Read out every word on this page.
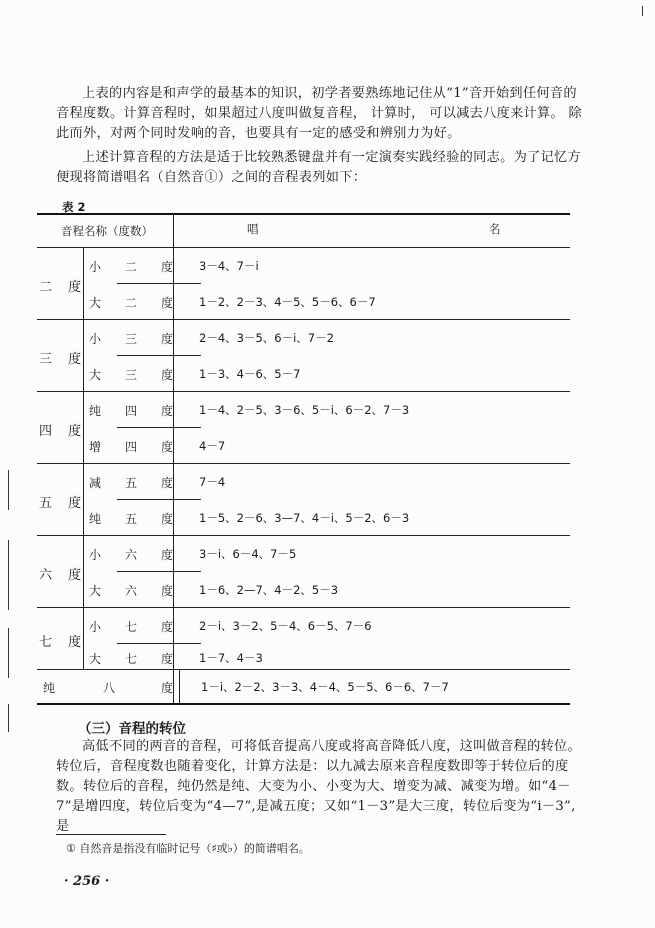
上表的内容是和声学的最基本的知识，初学者要熟练地记住从“1”音开始到任何音的音程度数。计算音程时，如果超过八度叫做复音程， 计算时， 可以减去八度来计算。 除此而外，对两个同时发响的音，也要具有一定的感受和辨别力为好。

上述计算音程的方法是适于比较熟悉键盘并有一定演奏实践经验的同志。为了记忆方便现将简谱唱名（自然音①）之间的音程表列如下：

表 2
音程名称（度数）	唱	名
二 度
小二度 3－4、7－i
大二度 1－2、2－3、4－5、5－6、6－7
三 度
小三度 2－4、3－5、6－i、7－2
大三度 1－3、4－6、5－7
四 度
纯四度 1－4、2－5、3－6、5－i、6－2、7－3
增四度 4－7
五 度
减五度 7－4
纯五度 1－5、2－6、3—7、4－i、5－2、6－3
六 度
小六度 3－i、6－4、7－5
大六度 1－6、2—7、4－2、5－3
七 度
小七度 2－i、3－2、5－4、6－5、7－6
大七度 1－7、4－3
纯	八	度 1－i、2－2、3－3、4－4、5－5、6－6、7－7
（三）音程的转位

高低不同的两音的音程，可将低音提高八度或将高音降低八度，这叫做音程的转位。转位后，音程度数也随着变化，计算方法是：以九减去原来音程度数即等于转位后的度数。转位后的音程，纯仍然是纯、大变为小、小变为大、增变为减、减变为增。如“4－7”是增四度，转位后变为“4—7”,是减五度；又如“1－3”是大三度，转位后变为“i－3”,是

① 自然音是指没有临时记号（♯或♭）的简谱唱名。
· 256 ·
